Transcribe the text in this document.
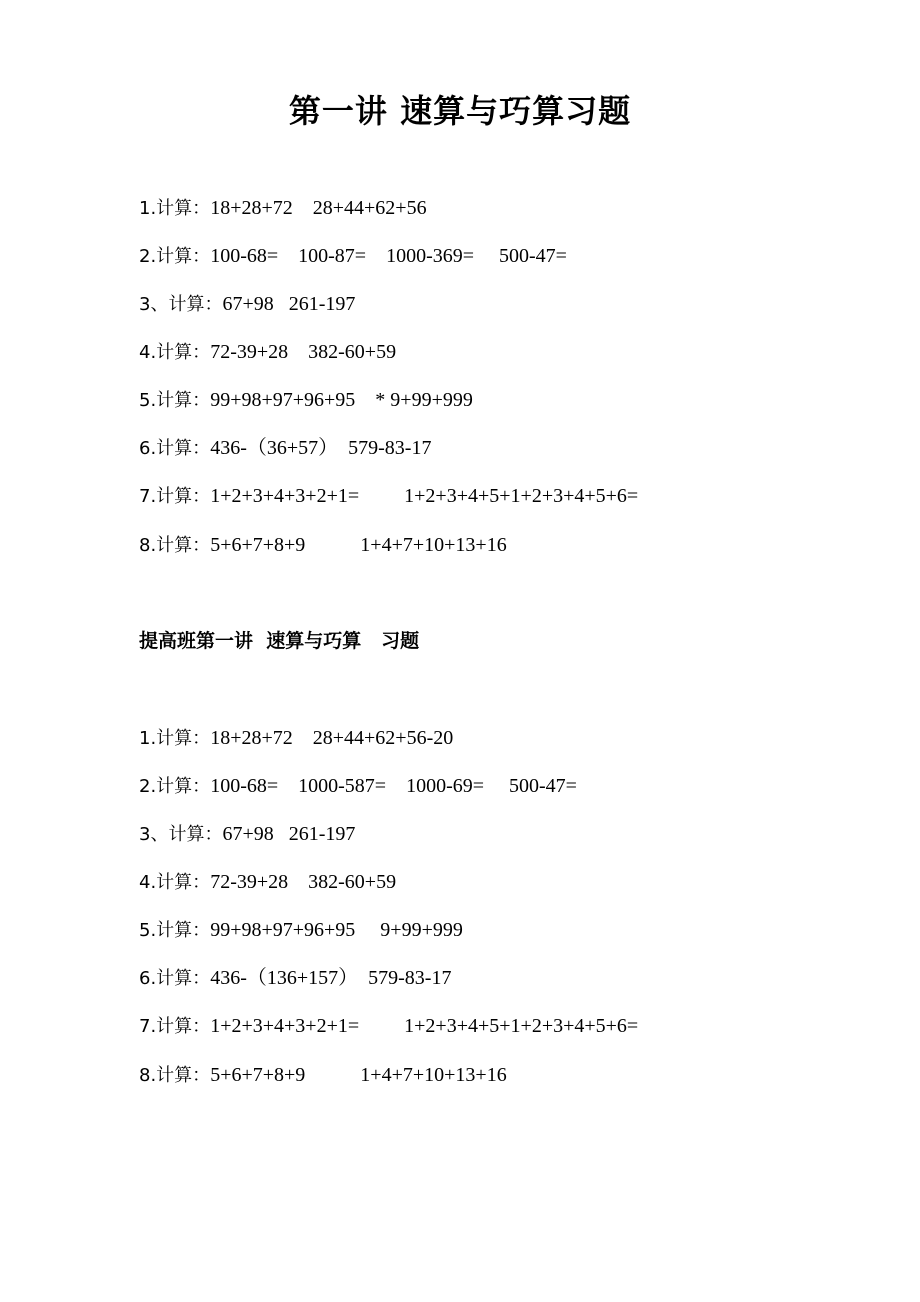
第一讲 速算与巧算习题
1.计算：18+28+72    28+44+62+56
2.计算：100-68=    100-87=    1000-369=     500-47=
3、计算：67+98   261-197
4.计算：72-39+28    382-60+59
5.计算：99+98+97+96+95    * 9+99+999
6.计算：436-（36+57）  579-83-17
7.计算：1+2+3+4+3+2+1=         1+2+3+4+5+1+2+3+4+5+6=
8.计算：5+6+7+8+9           1+4+7+10+13+16
提高班第一讲  速算与巧算   习题
1.计算：18+28+72    28+44+62+56-20
2.计算：100-68=    1000-587=    1000-69=     500-47=
3、计算：67+98   261-197
4.计算：72-39+28    382-60+59
5.计算：99+98+97+96+95     9+99+999
6.计算：436-（136+157）  579-83-17
7.计算：1+2+3+4+3+2+1=         1+2+3+4+5+1+2+3+4+5+6=
8.计算：5+6+7+8+9           1+4+7+10+13+16
